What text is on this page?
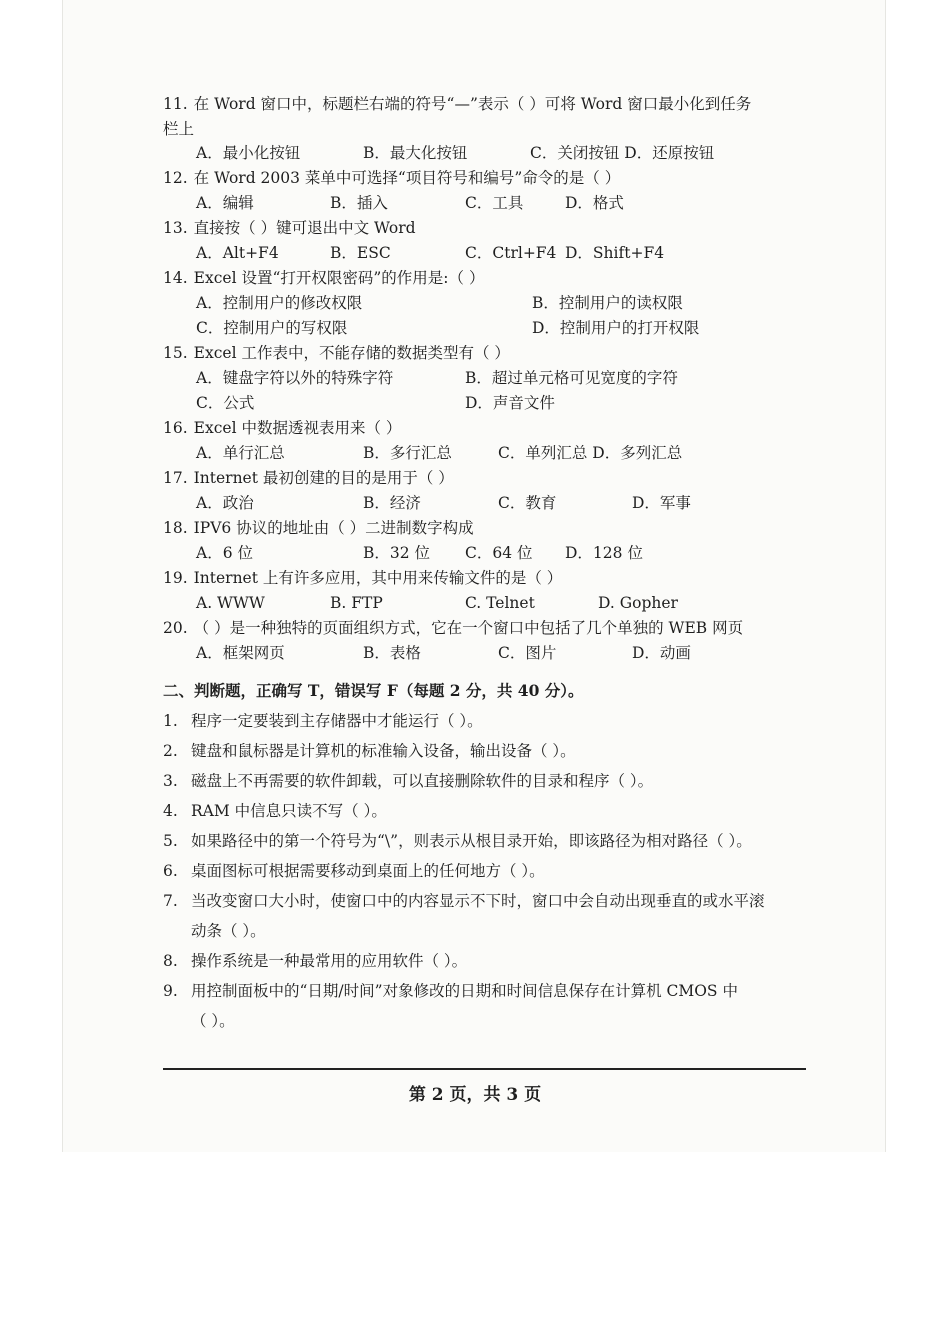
11. 在 Word 窗口中，标题栏右端的符号“—”表示（ ）可将 Word 窗口最小化到任务
栏上
A．最小化按钮	B．最大化按钮	C．关闭按钮 D．还原按钮
12. 在 Word 2003 菜单中可选择“项目符号和编号”命令的是（ ）
A．编辑	B．插入	C．工具	D．格式
13. 直接按（ ）键可退出中文 Word
A．Alt+F4	B．ESC	C．Ctrl+F4 D．Shift+F4
14. Excel 设置“打开权限密码”的作用是:（ ）
A．控制用户的修改权限	B．控制用户的读权限
C．控制用户的写权限	D．控制用户的打开权限
15. Excel 工作表中，不能存储的数据类型有（ ）
A．键盘字符以外的特殊字符	B．超过单元格可见宽度的字符
C．公式	D．声音文件
16. Excel 中数据透视表用来（ ）
A．单行汇总	B．多行汇总	C．单列汇总 D．多列汇总
17. Internet 最初创建的目的是用于（ ）
A．政治	B．经济	C．教育	D．军事
18. IPV6 协议的地址由（ ）二进制数字构成
A．6 位	B．32 位 C．64 位 D．128 位
19. Internet 上有许多应用，其中用来传输文件的是（ ）
A. WWW	B. FTP	C. Telnet	D. Gopher
20. （ ）是一种独特的页面组织方式，它在一个窗口中包括了几个单独的 WEB 网页
A．框架网页	B．表格	C．图片	D．动画
二、判断题，正确写 T，错误写 F（每题 2 分，共 40 分）。
1. 程序一定要装到主存储器中才能运行（ ）。
2. 键盘和鼠标器是计算机的标准输入设备，输出设备（ ）。
3. 磁盘上不再需要的软件卸载，可以直接删除软件的目录和程序（ ）。
4. RAM 中信息只读不写（ ）。
5. 如果路径中的第一个符号为“\”，则表示从根目录开始，即该路径为相对路径（ ）。
6. 桌面图标可根据需要移动到桌面上的任何地方（ ）。
7. 当改变窗口大小时，使窗口中的内容显示不下时，窗口中会自动出现垂直的或水平滚
动条（ ）。
8. 操作系统是一种最常用的应用软件（ ）。
9. 用控制面板中的“日期/时间”对象修改的日期和时间信息保存在计算机 CMOS 中
（ ）。
第 2 页，共 3 页
